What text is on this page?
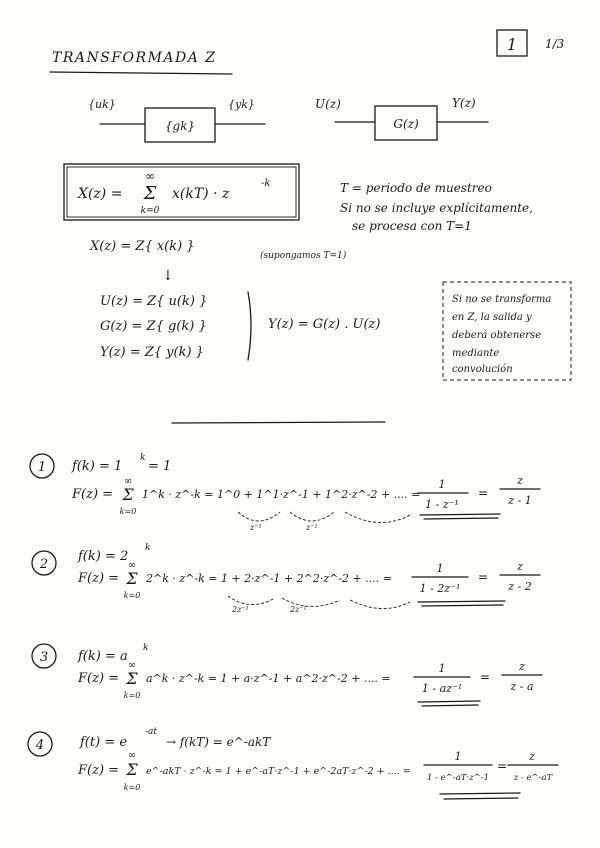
TRANSFORMADA Z
1 1/3
{uk}
{gk}
{yk}	U(z)
G(z)
Y(z)
X(z) =
∞
Σ
k=0
x(kT) · z
-k	T = periodo de muestreo
Si no se incluye explícitamente,
se procesa con T=1
X(z) = Z{ x(k) }
(supongamos T=1)
↓
U(z) = Z{ u(k) }
G(z) = Z{ g(k) }
Y(z) = Z{ y(k) }
Y(z) = G(z) . U(z)
Si no se transforma
en Z, la salida y
deberá obtenerse
mediante
convolución
1 f(k) = 1
k
= 1
F(z) =
∞
Σ
k=0
1^k · z^-k = 1^0 + 1^1·z^-1 + 1^2·z^-2 + .... =
1
1 - z⁻¹
=
z
z - 1
z⁻¹	z⁻¹
2
f(k) = 2
k
F(z) =
∞
Σ
k=0
2^k · z^-k = 1 + 2·z^-1 + 2^2·z^-2 + .... =
1
1 - 2z⁻¹
=
z
z - 2
2z⁻¹	2z⁻¹
3 f(k) = a
k
F(z) =
∞
Σ
k=0
a^k · z^-k = 1 + a·z^-1 + a^2·z^-2 + .... =
1
1 - az⁻¹
=
z
z - a
4	f(t) = e
-at
→ f(kT) = e^-akT
F(z) =
∞
Σ
k=0
e^-akT · z^-k = 1 + e^-aT·z^-1 + e^-2aT·z^-2 + .... =
1
1 - e^-aT·z^-1
=
z
z - e^-aT
